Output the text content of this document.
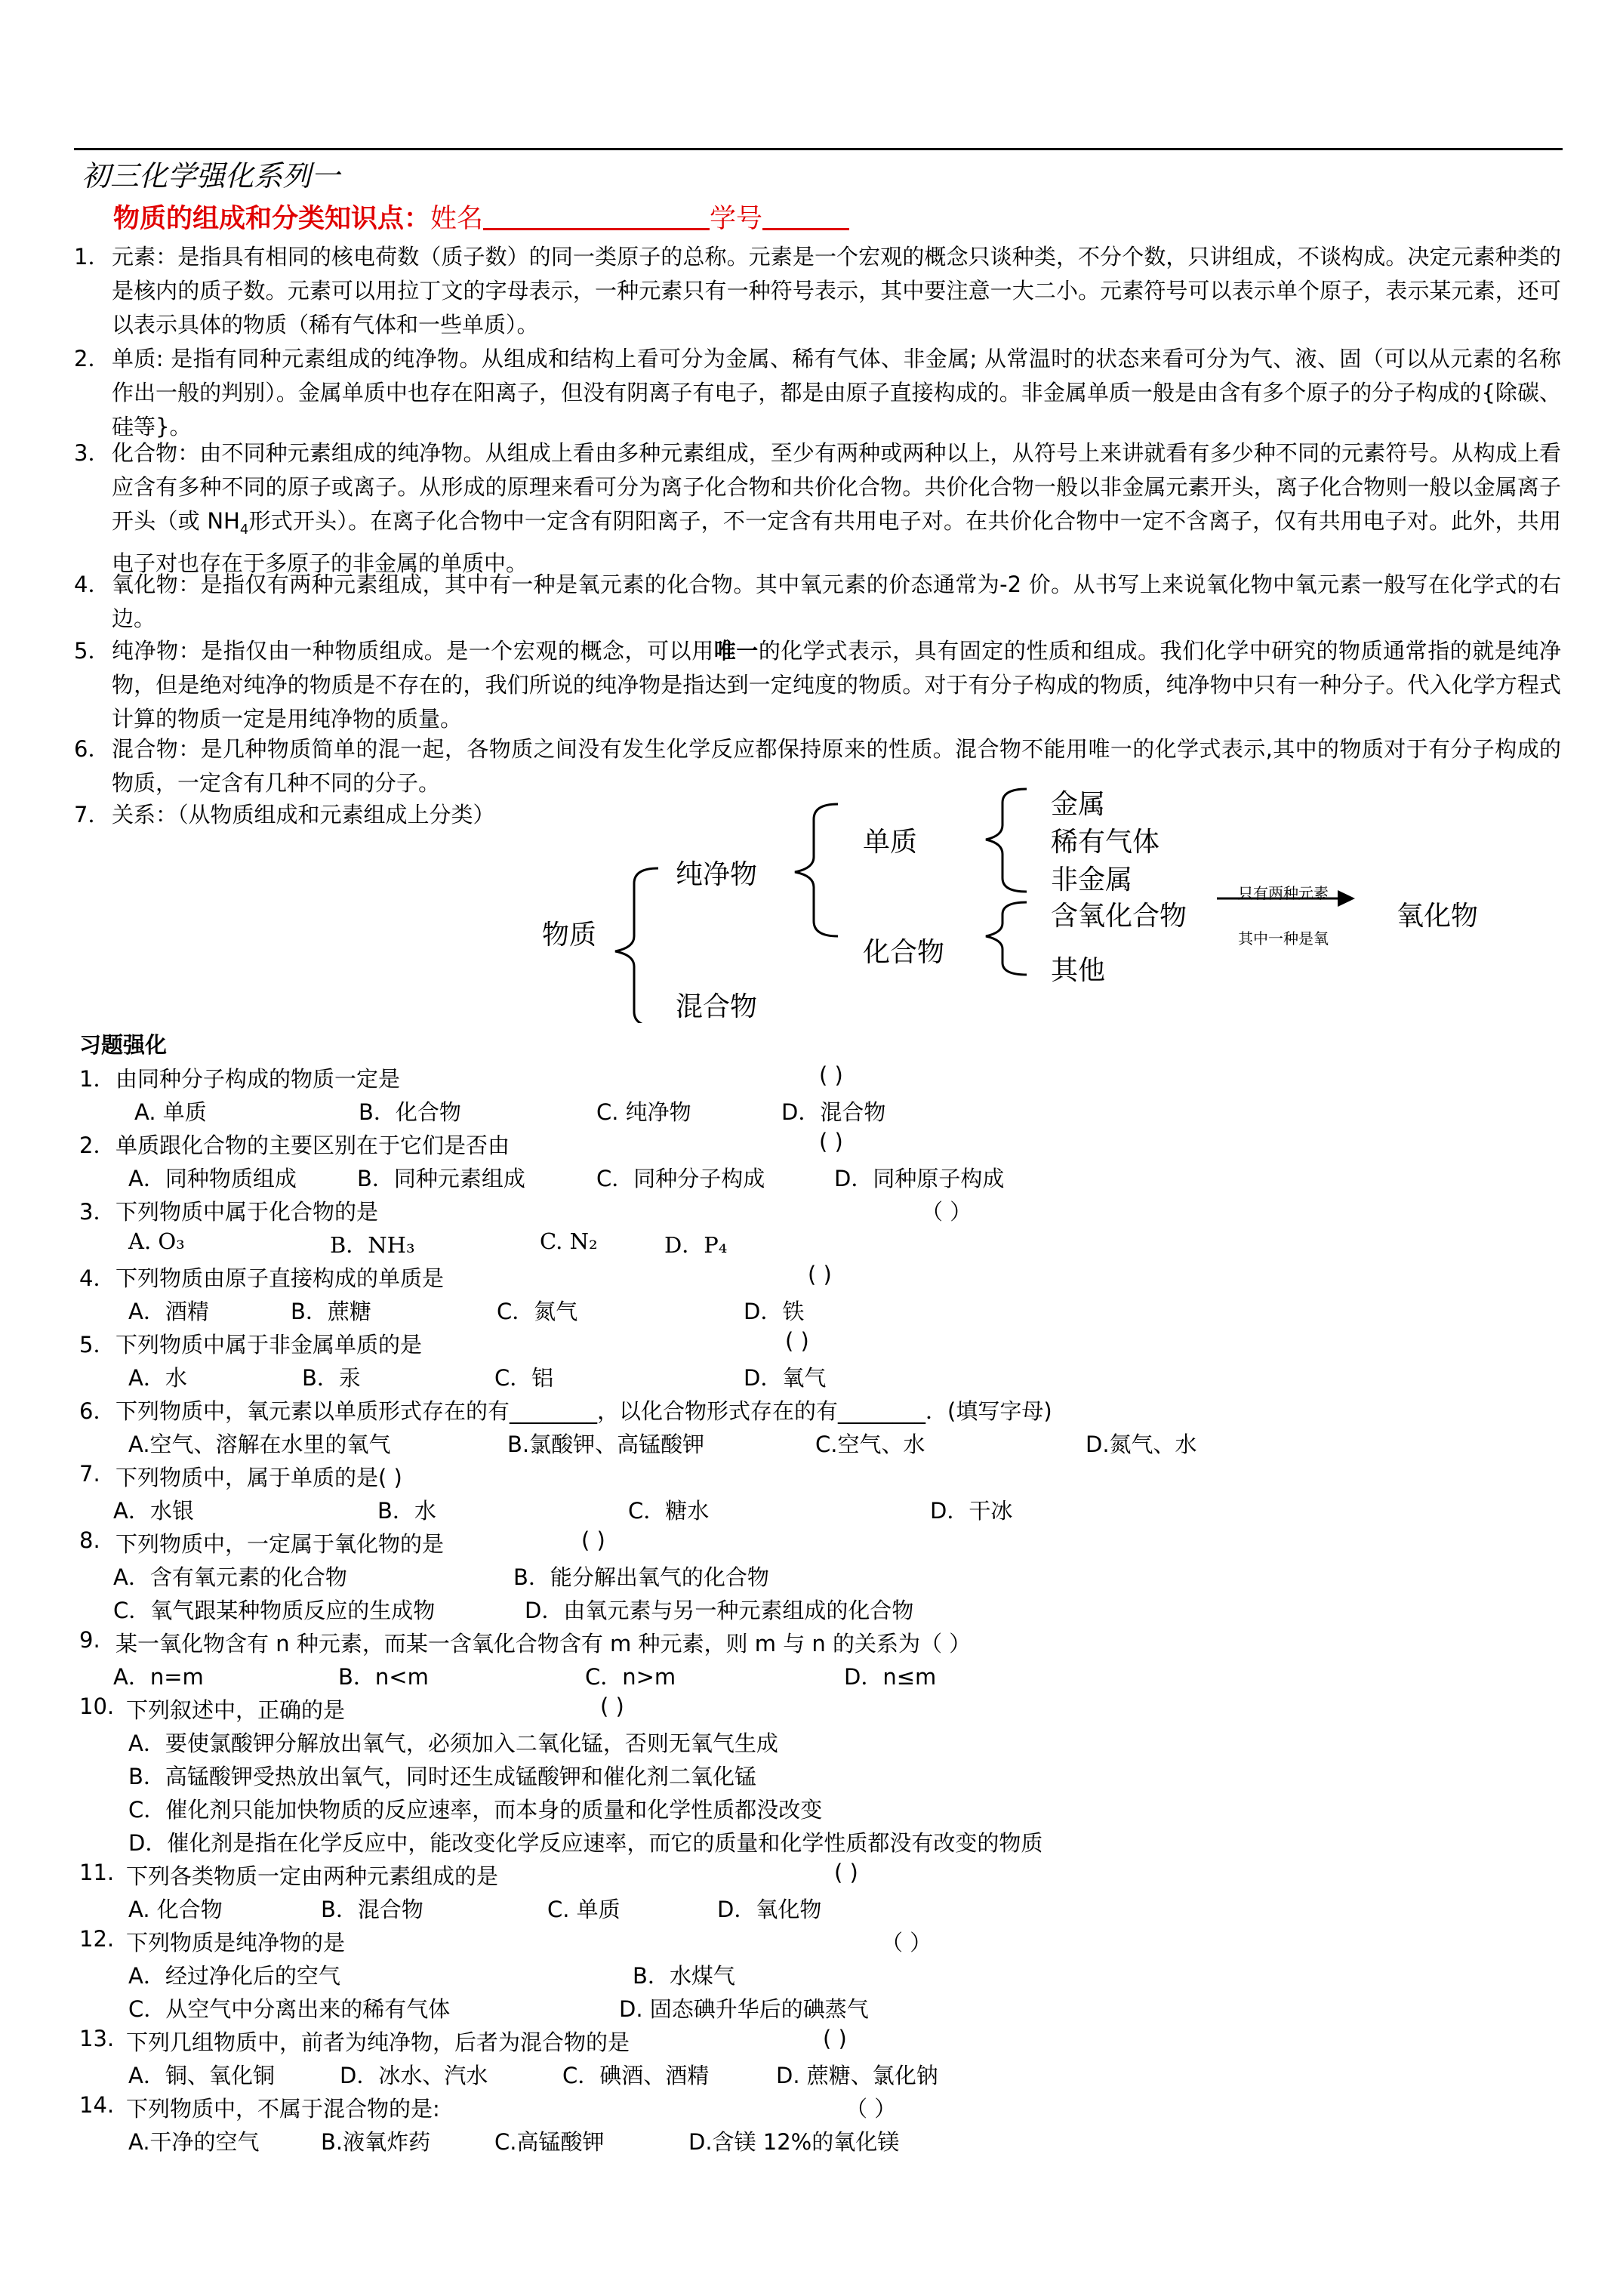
初三化学强化系列一
物质的组成和分类知识点：姓名	学号
1． 元素：是指具有相同的核电荷数（质子数）的同一类原子的总称。元素是一个宏观的概念只谈种类，不分个数，只讲组成，不谈构成。决定元素种类的是核内的质子数。元素可以用拉丁文的字母表示，一种元素只有一种符号表示，其中要注意一大二小。元素符号可以表示单个原子，表示某元素，还可以表示具体的物质（稀有气体和一些单质）。
2． 单质: 是指有同种元素组成的纯净物。从组成和结构上看可分为金属、稀有气体、非金属; 从常温时的状态来看可分为气、液、固（可以从元素的名称作出一般的判别）。金属单质中也存在阳离子，但没有阴离子有电子，都是由原子直接构成的。非金属单质一般是由含有多个原子的分子构成的{除碳、硅等}。
3． 化合物：由不同种元素组成的纯净物。从组成上看由多种元素组成，至少有两种或两种以上，从符号上来讲就看有多少种不同的元素符号。从构成上看应含有多种不同的原子或离子。从形成的原理来看可分为离子化合物和共价化合物。共价化合物一般以非金属元素开头，离子化合物则一般以金属离子开头（或 $NH_4$形式开头）。在离子化合物中一定含有阴阳离子，不一定含有共用电子对。在共价化合物中一定不含离子，仅有共用电子对。此外，共用电子对也存在于多原子的非金属的单质中。
4． 氧化物：是指仅有两种元素组成，其中有一种是氧元素的化合物。其中氧元素的价态通常为-2 价。从书写上来说氧化物中氧元素一般写在化学式的右边。
5． 纯净物：是指仅由一种物质组成。是一个宏观的概念，可以用唯一的化学式表示，具有固定的性质和组成。我们化学中研究的物质通常指的就是纯净物，但是绝对纯净的物质是不存在的，我们所说的纯净物是指达到一定纯度的物质。对于有分子构成的物质，纯净物中只有一种分子。代入化学方程式计算的物质一定是用纯净物的质量。
6． 混合物：是几种物质简单的混一起，各物质之间没有发生化学反应都保持原来的性质。混合物不能用唯一的化学式表示,其中的物质对于有分子构成的物质，一定含有几种不同的分子。
7． 关系：（从物质组成和元素组成上分类）
物质
纯净物
混合物
单质
化合物
金属
稀有气体
非金属
含氧化合物
其他
氧化物
只有两种元素
其中一种是氧
习题强化
1． 由同种分子构成的物质一定是	( )
A. 单质	B．化合物	C. 纯净物	D．混合物
2． 单质跟化合物的主要区别在于它们是否由	( )
A．同种物质组成	B．同种元素组成	C．同种分子构成	D．同种原子构成
3． 下列物质中属于化合物的是	（ ）
A. O₃	B．NH₃	C. N₂	D．P₄
4． 下列物质由原子直接构成的单质是	( )
A．酒精	B．蔗糖	C．氮气	D．铁
5． 下列物质中属于非金属单质的是	( )
A．水	B．汞	C．铝	D．氧气
6． 下列物质中，氧元素以单质形式存在的有________，以化合物形式存在的有________．(填写字母)
A.空气、溶解在水里的氧气	B.氯酸钾、高锰酸钾	C.空气、水	D.氮气、水
7. 下列物质中，属于单质的是( )
A．水银	B．水	C．糖水	D．干冰
8. 下列物质中，一定属于氧化物的是	( )
A．含有氧元素的化合物	B．能分解出氧气的化合物
C．氧气跟某种物质反应的生成物	D．由氧元素与另一种元素组成的化合物
9. 某一氧化物含有 n 种元素，而某一含氧化合物含有 m 种元素，则 m 与 n 的关系为（ ）
A．n=m	B．n<m	C．n>m	D．n≤m
10. 下列叙述中，正确的是	( )
A．要使氯酸钾分解放出氧气，必须加入二氧化锰，否则无氧气生成
B．高锰酸钾受热放出氧气，同时还生成锰酸钾和催化剂二氧化锰
C．催化剂只能加快物质的反应速率，而本身的质量和化学性质都没改变
D．催化剂是指在化学反应中，能改变化学反应速率，而它的质量和化学性质都没有改变的物质
11. 下列各类物质一定由两种元素组成的是	( )
A. 化合物	B．混合物	C. 单质	D．氧化物
12. 下列物质是纯净物的是	（ ）
A．经过净化后的空气	B．水煤气
C．从空气中分离出来的稀有气体	D. 固态碘升华后的碘蒸气
13. 下列几组物质中，前者为纯净物，后者为混合物的是	( )
A．铜、氧化铜	D．冰水、汽水	C．碘酒、酒精	D. 蔗糖、氯化钠
14. 下列物质中，不属于混合物的是:	（ ）
A.干净的空气	B.液氧炸药	C.高锰酸钾	D.含镁 12%的氧化镁
